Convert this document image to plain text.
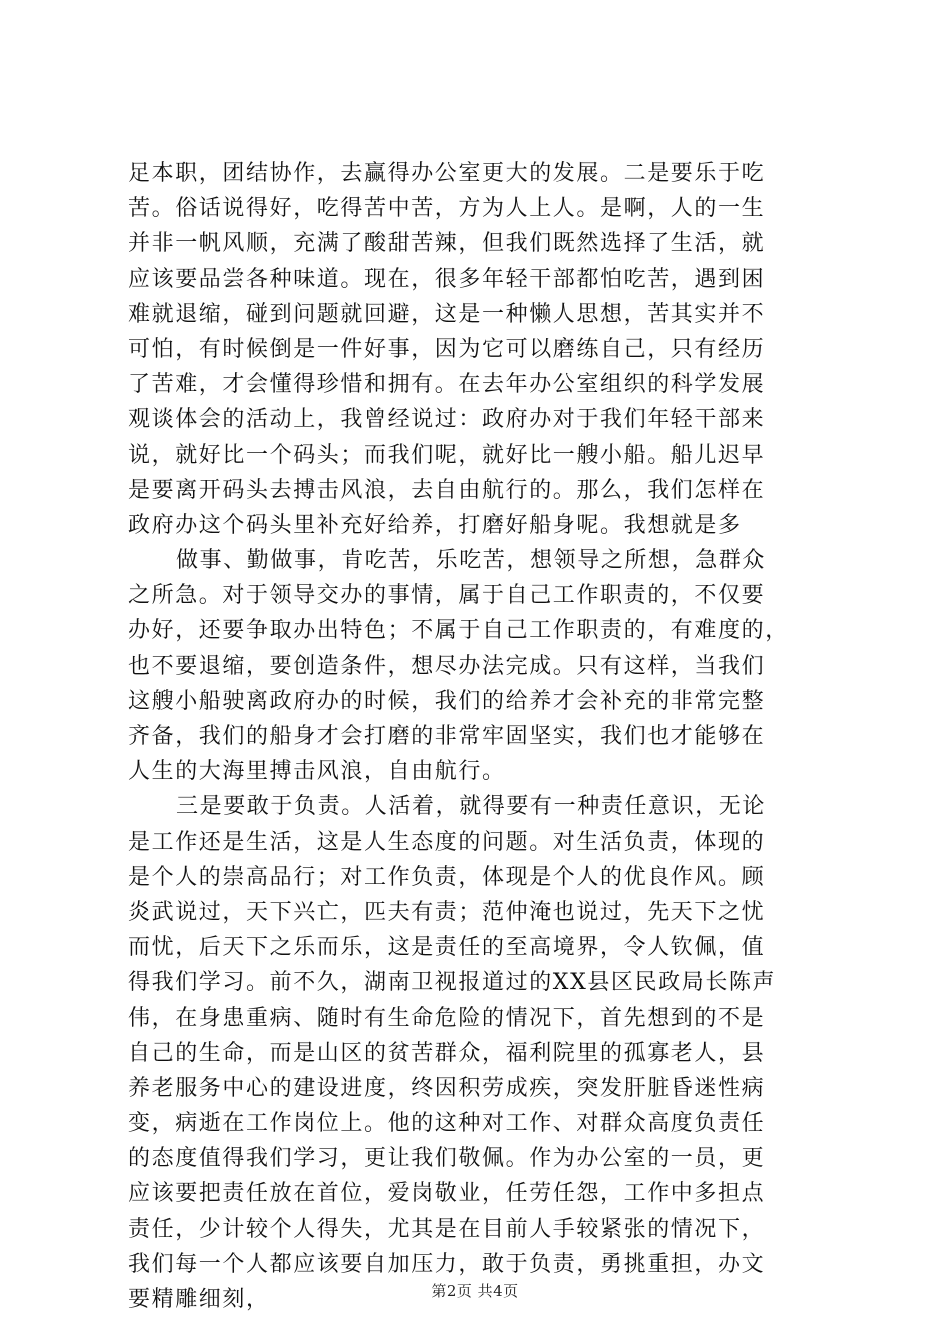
足本职，团结协作，去赢得办公室更大的发展。二是要乐于吃
苦。俗话说得好，吃得苦中苦，方为人上人。是啊，人的一生
并非一帆风顺，充满了酸甜苦辣，但我们既然选择了生活，就
应该要品尝各种味道。现在，很多年轻干部都怕吃苦，遇到困
难就退缩，碰到问题就回避，这是一种懒人思想，苦其实并不
可怕，有时候倒是一件好事，因为它可以磨练自己，只有经历
了苦难，才会懂得珍惜和拥有。在去年办公室组织的科学发展
观谈体会的活动上，我曾经说过：政府办对于我们年轻干部来
说，就好比一个码头；而我们呢，就好比一艘小船。船儿迟早
是要离开码头去搏击风浪，去自由航行的。那么，我们怎样在
政府办这个码头里补充好给养，打磨好船身呢。我想就是多
做事、勤做事，肯吃苦，乐吃苦，想领导之所想，急群众
之所急。对于领导交办的事情，属于自己工作职责的，不仅要
办好，还要争取办出特色；不属于自己工作职责的，有难度的，
也不要退缩，要创造条件，想尽办法完成。只有这样，当我们
这艘小船驶离政府办的时候，我们的给养才会补充的非常完整
齐备，我们的船身才会打磨的非常牢固坚实，我们也才能够在
人生的大海里搏击风浪，自由航行。
三是要敢于负责。人活着，就得要有一种责任意识，无论
是工作还是生活，这是人生态度的问题。对生活负责，体现的
是个人的崇高品行；对工作负责，体现是个人的优良作风。顾
炎武说过，天下兴亡，匹夫有责；范仲淹也说过，先天下之忧
而忧，后天下之乐而乐，这是责任的至高境界，令人钦佩，值
得我们学习。前不久，湖南卫视报道过的XX县区民政局长陈声
伟，在身患重病、随时有生命危险的情况下，首先想到的不是
自己的生命，而是山区的贫苦群众，福利院里的孤寡老人，县
养老服务中心的建设进度，终因积劳成疾，突发肝脏昏迷性病
变，病逝在工作岗位上。他的这种对工作、对群众高度负责任
的态度值得我们学习，更让我们敬佩。作为办公室的一员，更
应该要把责任放在首位，爱岗敬业，任劳任怨，工作中多担点
责任，少计较个人得失，尤其是在目前人手较紧张的情况下，
我们每一个人都应该要自加压力，敢于负责，勇挑重担，办文
要精雕细刻，	第2页 共4页
